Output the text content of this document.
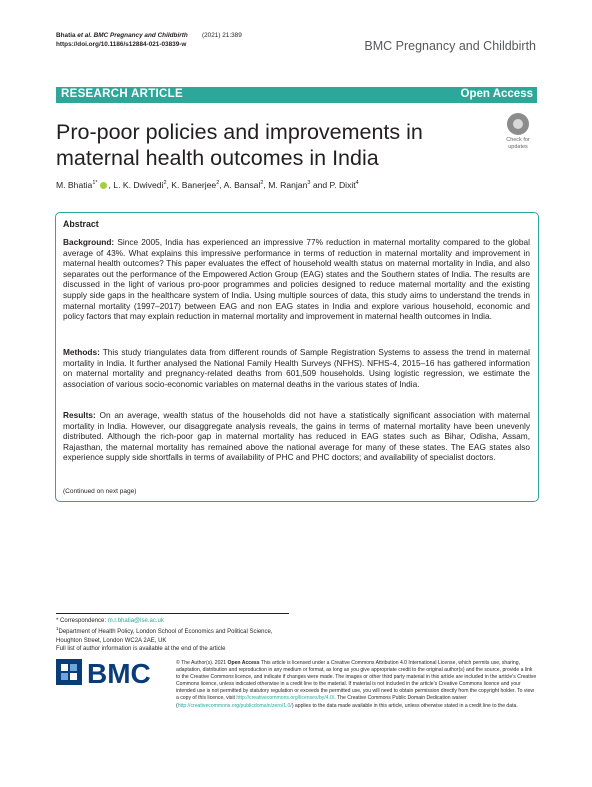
Bhatia et al. BMC Pregnancy and Childbirth (2021) 21:389
https://doi.org/10.1186/s12884-021-03839-w	BMC Pregnancy and Childbirth
RESEARCH ARTICLE	Open Access
Pro-poor policies and improvements in maternal health outcomes in India
Check for
updates
M. Bhatia$^{1*}$ , L. K. Dwivedi$^2$, K. Banerjee$^2$, A. Bansal$^2$, M. Ranjan$^3$ and P. Dixit$^4$
Abstract
Background: Since 2005, India has experienced an impressive 77% reduction in maternal mortality compared to the global average of 43%. What explains this impressive performance in terms of reduction in maternal mortality and improvement in maternal health outcomes? This paper evaluates the effect of household wealth status on maternal mortality in India, and also separates out the performance of the Empowered Action Group (EAG) states and the Southern states of India. The results are discussed in the light of various pro-poor programmes and policies designed to reduce maternal mortality and the existing supply side gaps in the healthcare system of India. Using multiple sources of data, this study aims to understand the trends in maternal mortality (1997–2017) between EAG and non EAG states in India and explore various household, economic and policy factors that may explain reduction in maternal mortality and improvement in maternal health outcomes in India.
Methods: This study triangulates data from different rounds of Sample Registration Systems to assess the trend in maternal mortality in India. It further analysed the National Family Health Surveys (NFHS). NFHS-4, 2015–16 has gathered information on maternal mortality and pregnancy-related deaths from 601,509 households. Using logistic regression, we estimate the association of various socio-economic variables on maternal deaths in the various states of India.
Results: On an average, wealth status of the households did not have a statistically significant association with maternal mortality in India. However, our disaggregate analysis reveals, the gains in terms of maternal mortality have been unevenly distributed. Although the rich-poor gap in maternal mortality has reduced in EAG states such as Bihar, Odisha, Assam, Rajasthan, the maternal mortality has remained above the national average for many of these states. The EAG states also experience supply side shortfalls in terms of availability of PHC and PHC doctors; and availability of specialist doctors.
(Continued on next page)
* Correspondence: m.r.bhatia@lse.ac.uk
$^1$Department of Health Policy, London School of Economics and Political Science, Houghton Street, London WC2A 2AE, UK
Full list of author information is available at the end of the article
BMC	© The Author(s). 2021 Open Access This article is licensed under a Creative Commons Attribution 4.0 International License, which permits use, sharing, adaptation, distribution and reproduction in any medium or format, as long as you give appropriate credit to the original author(s) and the source, provide a link to the Creative Commons licence, and indicate if changes were made. The images or other third party material in this article are included in the article's Creative Commons licence, unless indicated otherwise in a credit line to the material. If material is not included in the article's Creative Commons licence and your intended use is not permitted by statutory regulation or exceeds the permitted use, you will need to obtain permission directly from the copyright holder. To view a copy of this licence, visit http://creativecommons.org/licenses/by/4.0/. The Creative Commons Public Domain Dedication waiver (http://creativecommons.org/publicdomain/zero/1.0/) applies to the data made available in this article, unless otherwise stated in a credit line to the data.
